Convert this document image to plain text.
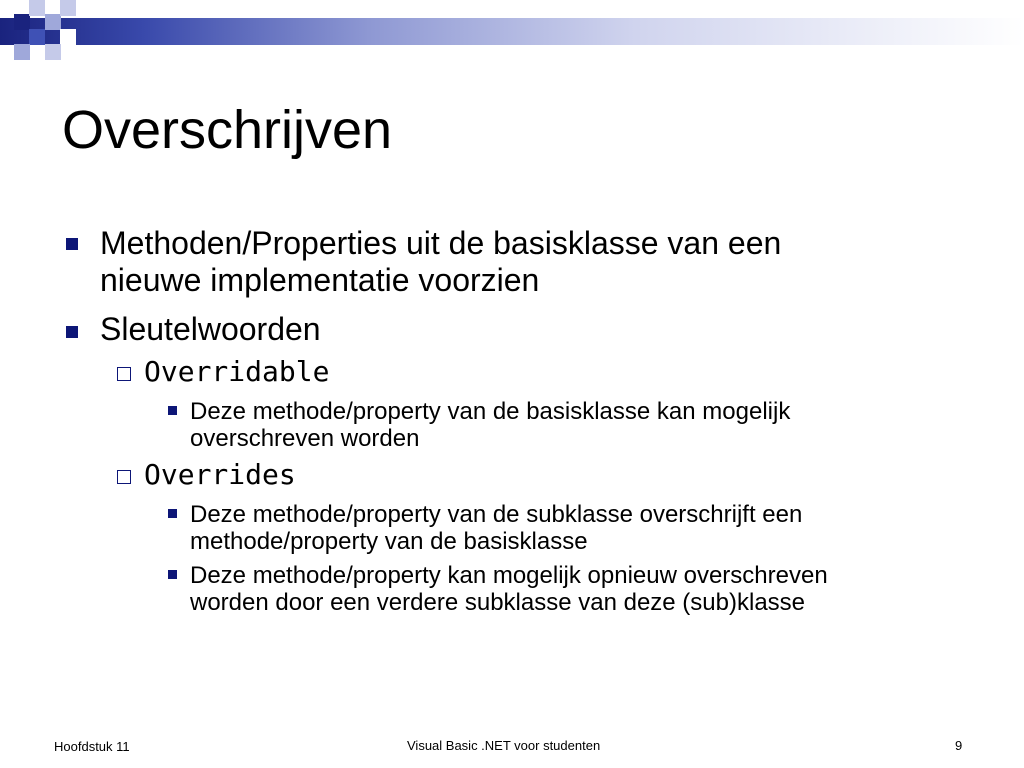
Overschrijven
Methoden/Properties uit de basisklasse van een
nieuwe implementatie voorzien
Sleutelwoorden
Overridable
Deze methode/property van de basisklasse kan mogelijk
overschreven worden
Overrides
Deze methode/property van de subklasse overschrijft een
methode/property van de basisklasse
Deze methode/property kan mogelijk opnieuw overschreven
worden door een verdere subklasse van deze (sub)klasse
Hoofdstuk 11	Visual Basic .NET voor studenten	9
